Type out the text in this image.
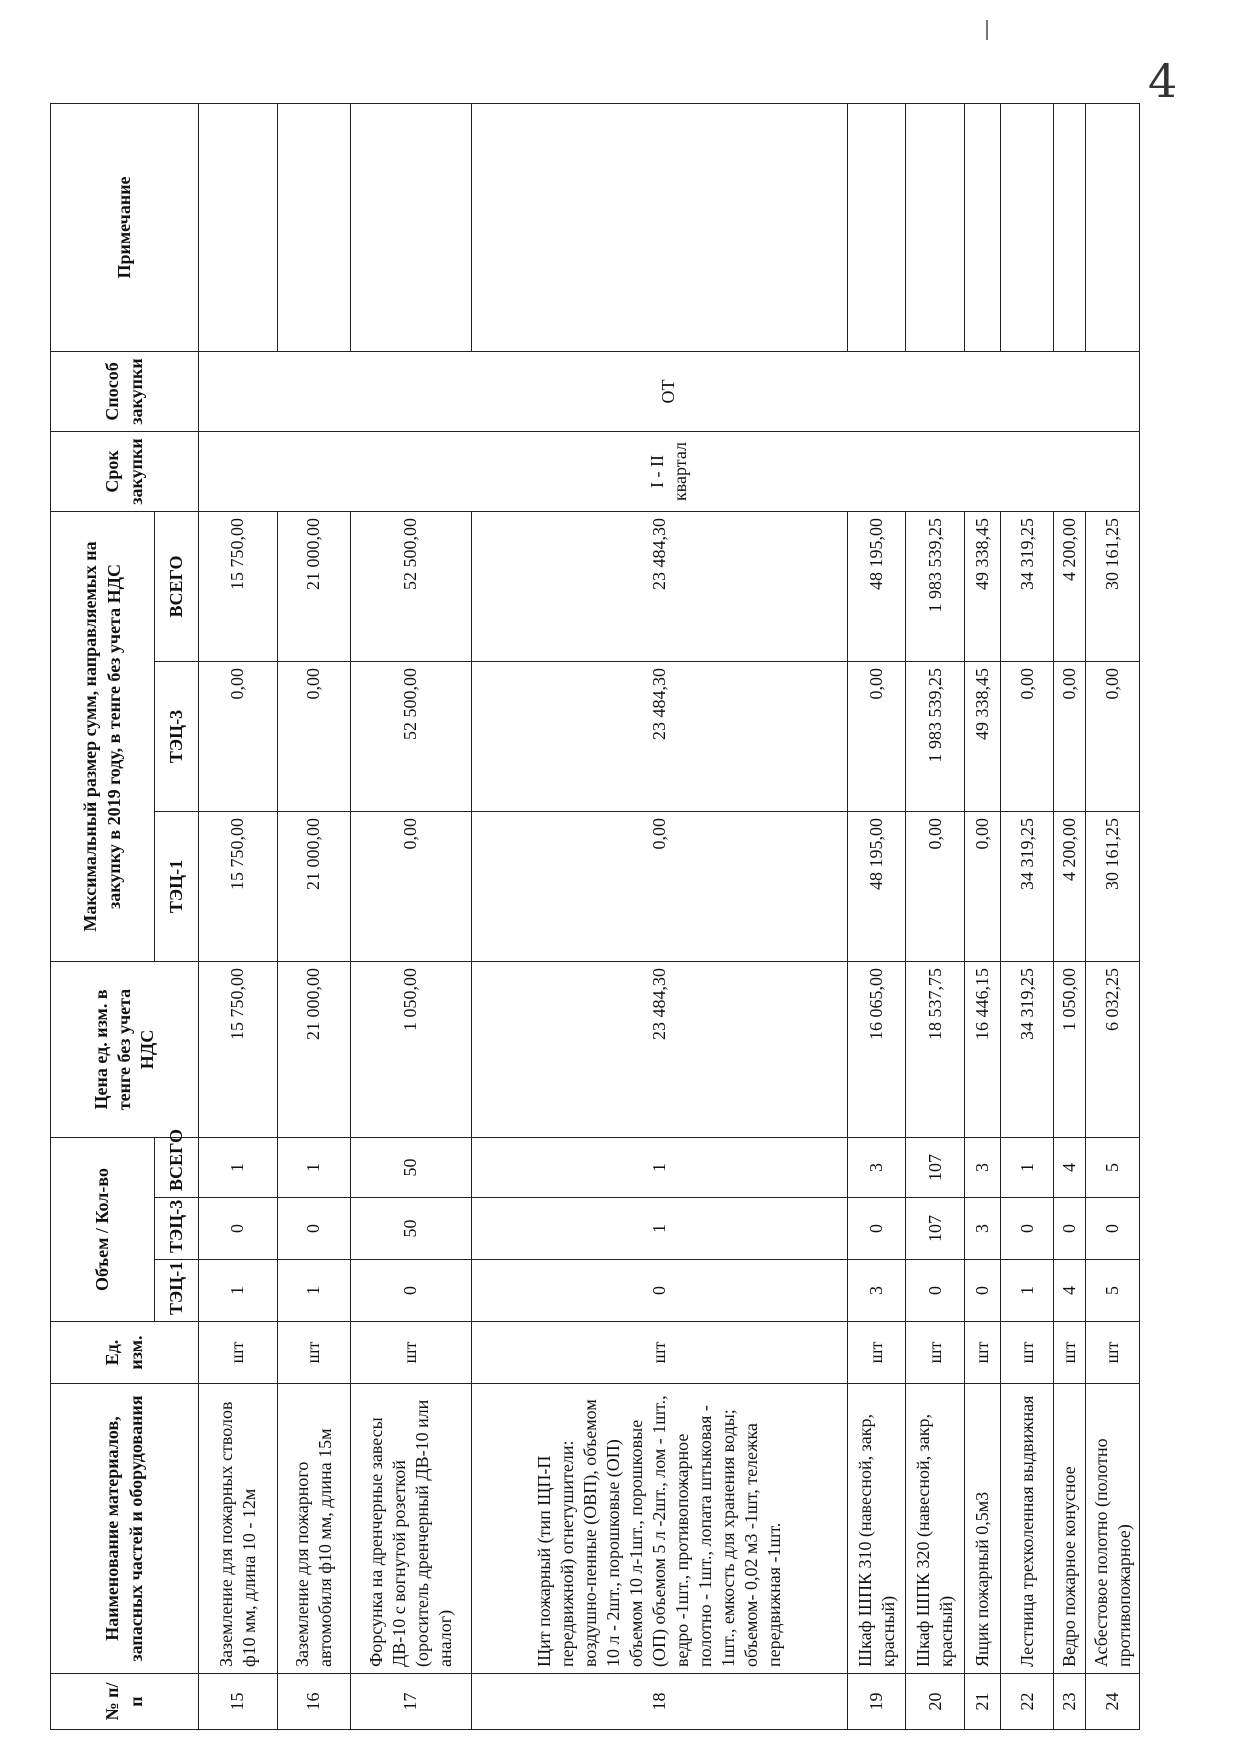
4
№ п/п	Наименование материалов, запасных частей и оборудования	Ед. изм.	Объем / Кол-во			Цена ед. изм. в тенге без учета НДС	Максимальный размер сумм, направляемых на закупку в 2019 году, в тенге без учета НДС			Срок закупки	Способ закупки	Примечание
			ТЭЦ-1	ТЭЦ-3	ВСЕГО		ТЭЦ-1	ТЭЦ-3	ВСЕГО			
15	Заземление для пожарных стволов ф10 мм, длина 10 - 12м	шт	1	0	1	15 750,00	15 750,00	0,00	15 750,00	I - II квартал	ОТ	
16	Заземление для пожарного автомобиля ф10 мм, длина 15м	шт	1	0	1	21 000,00	21 000,00	0,00	21 000,00			
17	Форсунка на дренчерные завесы ДВ-10 с вогнутой розеткой (ороситель дренчерный ДВ-10 или аналог)	шт	0	50	50	1 050,00	0,00	52 500,00	52 500,00			
18	Щит пожарный (тип ЩП-П передвижной) огнетушители: воздушно-пенные (ОВП), объемом 10 л - 2шт., порошковые (ОП) объемом 10 л-1шт., порошковые (ОП) объемом 5 л -2шт., лом - 1шт., ведро -1шт., противопожарное полотно - 1шт., лопата штыковая - 1шт., емкость для хранения воды; объемом- 0,02 м3 -1шт, тележка передвижная -1шт.	шт	0	1	1	23 484,30	0,00	23 484,30	23 484,30			
19	Шкаф ШПК 310 (навесной, закр, красный)	шт	3	0	3	16 065,00	48 195,00	0,00	48 195,00			
20	Шкаф ШПК 320 (навесной, закр, красный)	шт	0	107	107	18 537,75	0,00	1 983 539,25	1 983 539,25			
21	Ящик пожарный 0,5м3	шт	0	3	3	16 446,15	0,00	49 338,45	49 338,45			
22	Лестница трехколенная выдвижная	шт	1	0	1	34 319,25	34 319,25	0,00	34 319,25			
23	Ведро пожарное конусное	шт	4	0	4	1 050,00	4 200,00	0,00	4 200,00			
24	Асбестовое полотно (полотно противопожарное)	шт	5	0	5	6 032,25	30 161,25	0,00	30 161,25			
